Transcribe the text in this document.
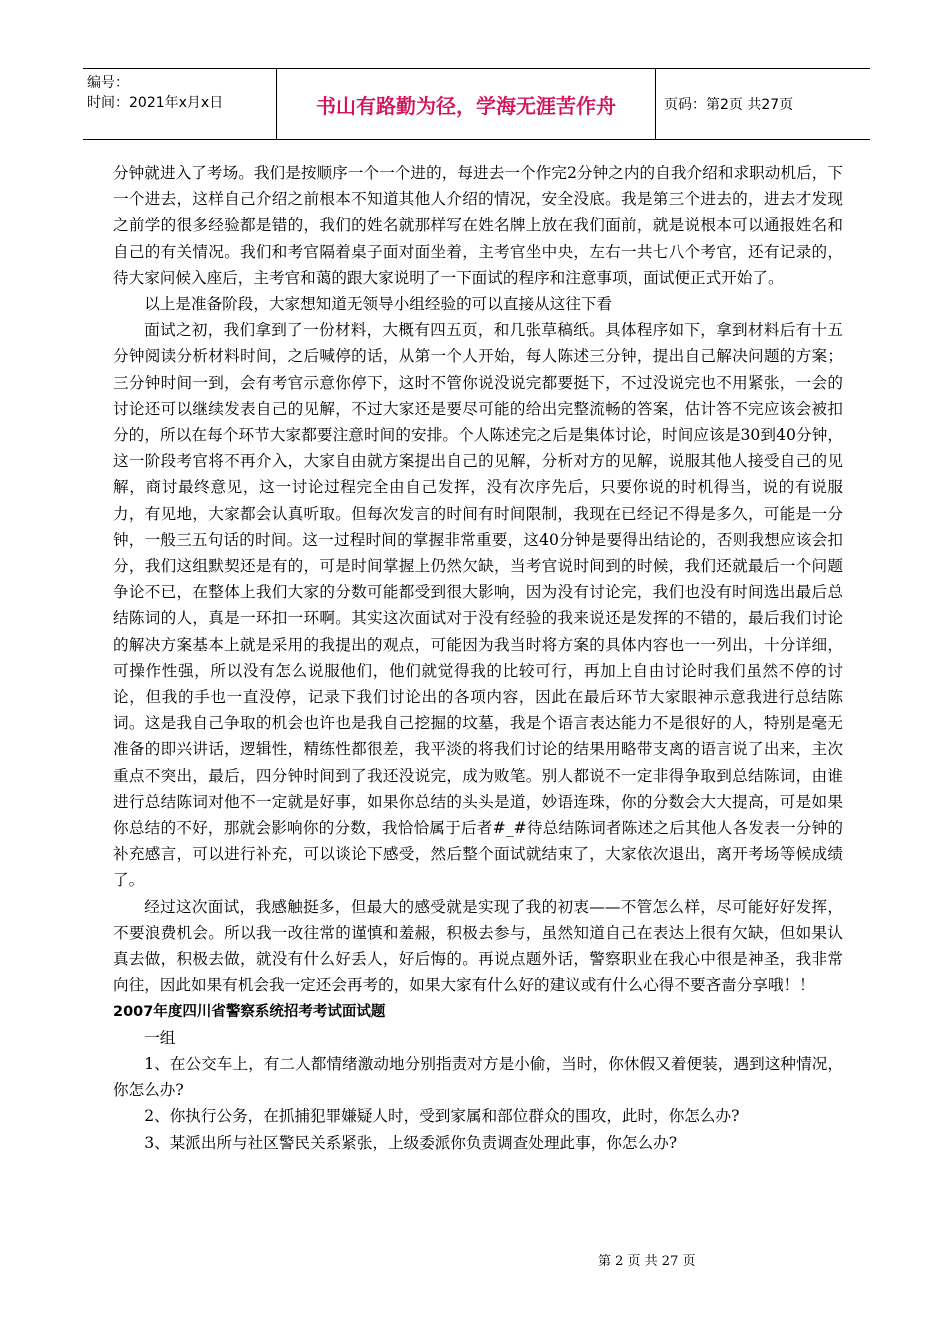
编号：
时间：2021年x月x日	书山有路勤为径，学海无涯苦作舟	页码：第2页 共27页

分钟就进入了考场。我们是按顺序一个一个进的，每进去一个作完2分钟之内的自我介绍和求职动机后，下一个进去，这样自己介绍之前根本不知道其他人介绍的情况，安全没底。我是第三个进去的，进去才发现之前学的很多经验都是错的，我们的姓名就那样写在姓名牌上放在我们面前，就是说根本可以通报姓名和自己的有关情况。我们和考官隔着桌子面对面坐着，主考官坐中央，左右一共七八个考官，还有记录的，待大家问候入座后，主考官和蔼的跟大家说明了一下面试的程序和注意事项，面试便正式开始了。

以上是准备阶段，大家想知道无领导小组经验的可以直接从这往下看

面试之初，我们拿到了一份材料，大概有四五页，和几张草稿纸。具体程序如下，拿到材料后有十五分钟阅读分析材料时间，之后喊停的话，从第一个人开始，每人陈述三分钟，提出自己解决问题的方案；三分钟时间一到，会有考官示意你停下，这时不管你说没说完都要挺下，不过没说完也不用紧张，一会的讨论还可以继续发表自己的见解，不过大家还是要尽可能的给出完整流畅的答案，估计答不完应该会被扣分的，所以在每个环节大家都要注意时间的安排。个人陈述完之后是集体讨论，时间应该是30到40分钟，这一阶段考官将不再介入，大家自由就方案提出自己的见解，分析对方的见解，说服其他人接受自己的见解，商讨最终意见，这一讨论过程完全由自己发挥，没有次序先后，只要你说的时机得当，说的有说服力，有见地，大家都会认真听取。但每次发言的时间有时间限制，我现在已经记不得是多久，可能是一分钟，一般三五句话的时间。这一过程时间的掌握非常重要，这40分钟是要得出结论的，否则我想应该会扣分，我们这组默契还是有的，可是时间掌握上仍然欠缺，当考官说时间到的时候，我们还就最后一个问题争论不已，在整体上我们大家的分数可能都受到很大影响，因为没有讨论完，我们也没有时间选出最后总结陈词的人，真是一环扣一环啊。其实这次面试对于没有经验的我来说还是发挥的不错的，最后我们讨论的解决方案基本上就是采用的我提出的观点，可能因为我当时将方案的具体内容也一一列出，十分详细，可操作性强，所以没有怎么说服他们，他们就觉得我的比较可行，再加上自由讨论时我们虽然不停的讨论，但我的手也一直没停，记录下我们讨论出的各项内容，因此在最后环节大家眼神示意我进行总结陈词。这是我自己争取的机会也许也是我自己挖掘的坟墓，我是个语言表达能力不是很好的人，特别是毫无准备的即兴讲话，逻辑性，精练性都很差，我平淡的将我们讨论的结果用略带支离的语言说了出来，主次重点不突出，最后，四分钟时间到了我还没说完，成为败笔。别人都说不一定非得争取到总结陈词，由谁进行总结陈词对他不一定就是好事，如果你总结的头头是道，妙语连珠，你的分数会大大提高，可是如果你总结的不好，那就会影响你的分数，我恰恰属于后者#_#待总结陈词者陈述之后其他人各发表一分钟的补充感言，可以进行补充，可以谈论下感受，然后整个面试就结束了，大家依次退出，离开考场等候成绩了。

经过这次面试，我感触挺多，但最大的感受就是实现了我的初衷——不管怎么样，尽可能好好发挥，不要浪费机会。所以我一改往常的谨慎和羞赧，积极去参与，虽然知道自己在表达上很有欠缺，但如果认真去做，积极去做，就没有什么好丢人，好后悔的。再说点题外话，警察职业在我心中很是神圣，我非常向往，因此如果有机会我一定还会再考的，如果大家有什么好的建议或有什么心得不要吝啬分享哦！！

2007年度四川省警察系统招考考试面试题

一组

1、在公交车上，有二人都情绪激动地分别指责对方是小偷，当时，你休假又着便装，遇到这种情况，你怎么办?

2、你执行公务，在抓捕犯罪嫌疑人时，受到家属和部位群众的围攻，此时，你怎么办?

3、某派出所与社区警民关系紧张，上级委派你负责调查处理此事，你怎么办?

第 2 页 共 27 页
